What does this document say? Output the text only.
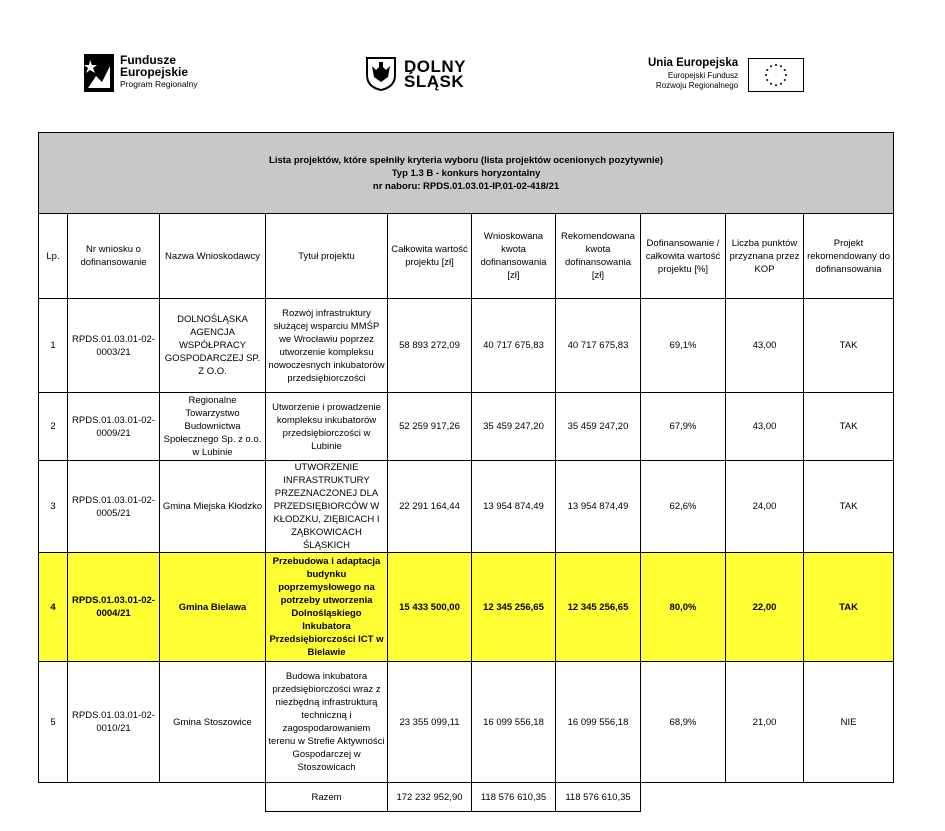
Fundusze
Europejskie
Program Regionalny
DOLNY
ŚLĄSK
Unia Europejska
Europejski Fundusz
Rozwoju Regionalnego
Lista projektów, które spełniły kryteria wyboru (lista projektów ocenionych pozytywnie)
Typ 1.3 B - konkurs horyzontalny
nr naboru: RPDS.01.03.01-IP.01-02-418/21									

Lp.	Nr wniosku o dofinansowanie	Nazwa Wnioskodawcy	Tytuł projektu	Całkowita wartość projektu [zł]	Wnioskowana kwota dofinansowania [zł]	Rekomendowana kwota dofinansowania [zł]	Dofinansowanie / całkowita wartość projektu [%]	Liczba punktów przyznana przez KOP	Projekt rekomendowany do dofinansowania
1	RPDS.01.03.01-02-0003/21	DOLNOŚLĄSKA AGENCJA WSPÓŁPRACY GOSPODARCZEJ SP. Z O.O.	Rozwój infrastruktury służącej wsparciu MMŚP we Wrocławiu poprzez utworzenie kompleksu nowoczesnych inkubatorów przedsiębiorczości	58 893 272,09	40 717 675,83	40 717 675,83	69,1%	43,00	TAK
2	RPDS.01.03.01-02-0009/21	Regionalne Towarzystwo Budownictwa Społecznego Sp. z o.o. w Lubinie	Utworzenie i prowadzenie kompleksu inkubatorów przedsiębiorczości w Lubinie	52 259 917,26	35 459 247,20	35 459 247,20	67,9%	43,00	TAK
3	RPDS.01.03.01-02-0005/21	Gmina Miejska Kłodzko	UTWORZENIE INFRASTRUKTURY PRZEZNACZONEJ DLA PRZEDSIĘBIORCÓW W KŁODZKU, ZIĘBICACH I ZĄBKOWICACH ŚLĄSKICH	22 291 164,44	13 954 874,49	13 954 874,49	62,6%	24,00	TAK
4	RPDS.01.03.01-02-0004/21	Gmina Bielawa	Przebudowa i adaptacja budynku poprzemysłowego na potrzeby utworzenia Dolnośląskiego Inkubatora Przedsiębiorczości ICT w Bielawie	15 433 500,00	12 345 256,65	12 345 256,65	80,0%	22,00	TAK
5	RPDS.01.03.01-02-0010/21	Gmina Stoszowice	Budowa inkubatora przedsiębiorczości wraz z niezbędną infrastrukturą techniczną i zagospodarowaniem terenu w Strefie Aktywności Gospodarczej w Stoszowicach	23 355 099,11	16 099 556,18	16 099 556,18	68,9%	21,00	NIE
			Razem	172 232 952,90	118 576 610,35	118 576 610,35			
